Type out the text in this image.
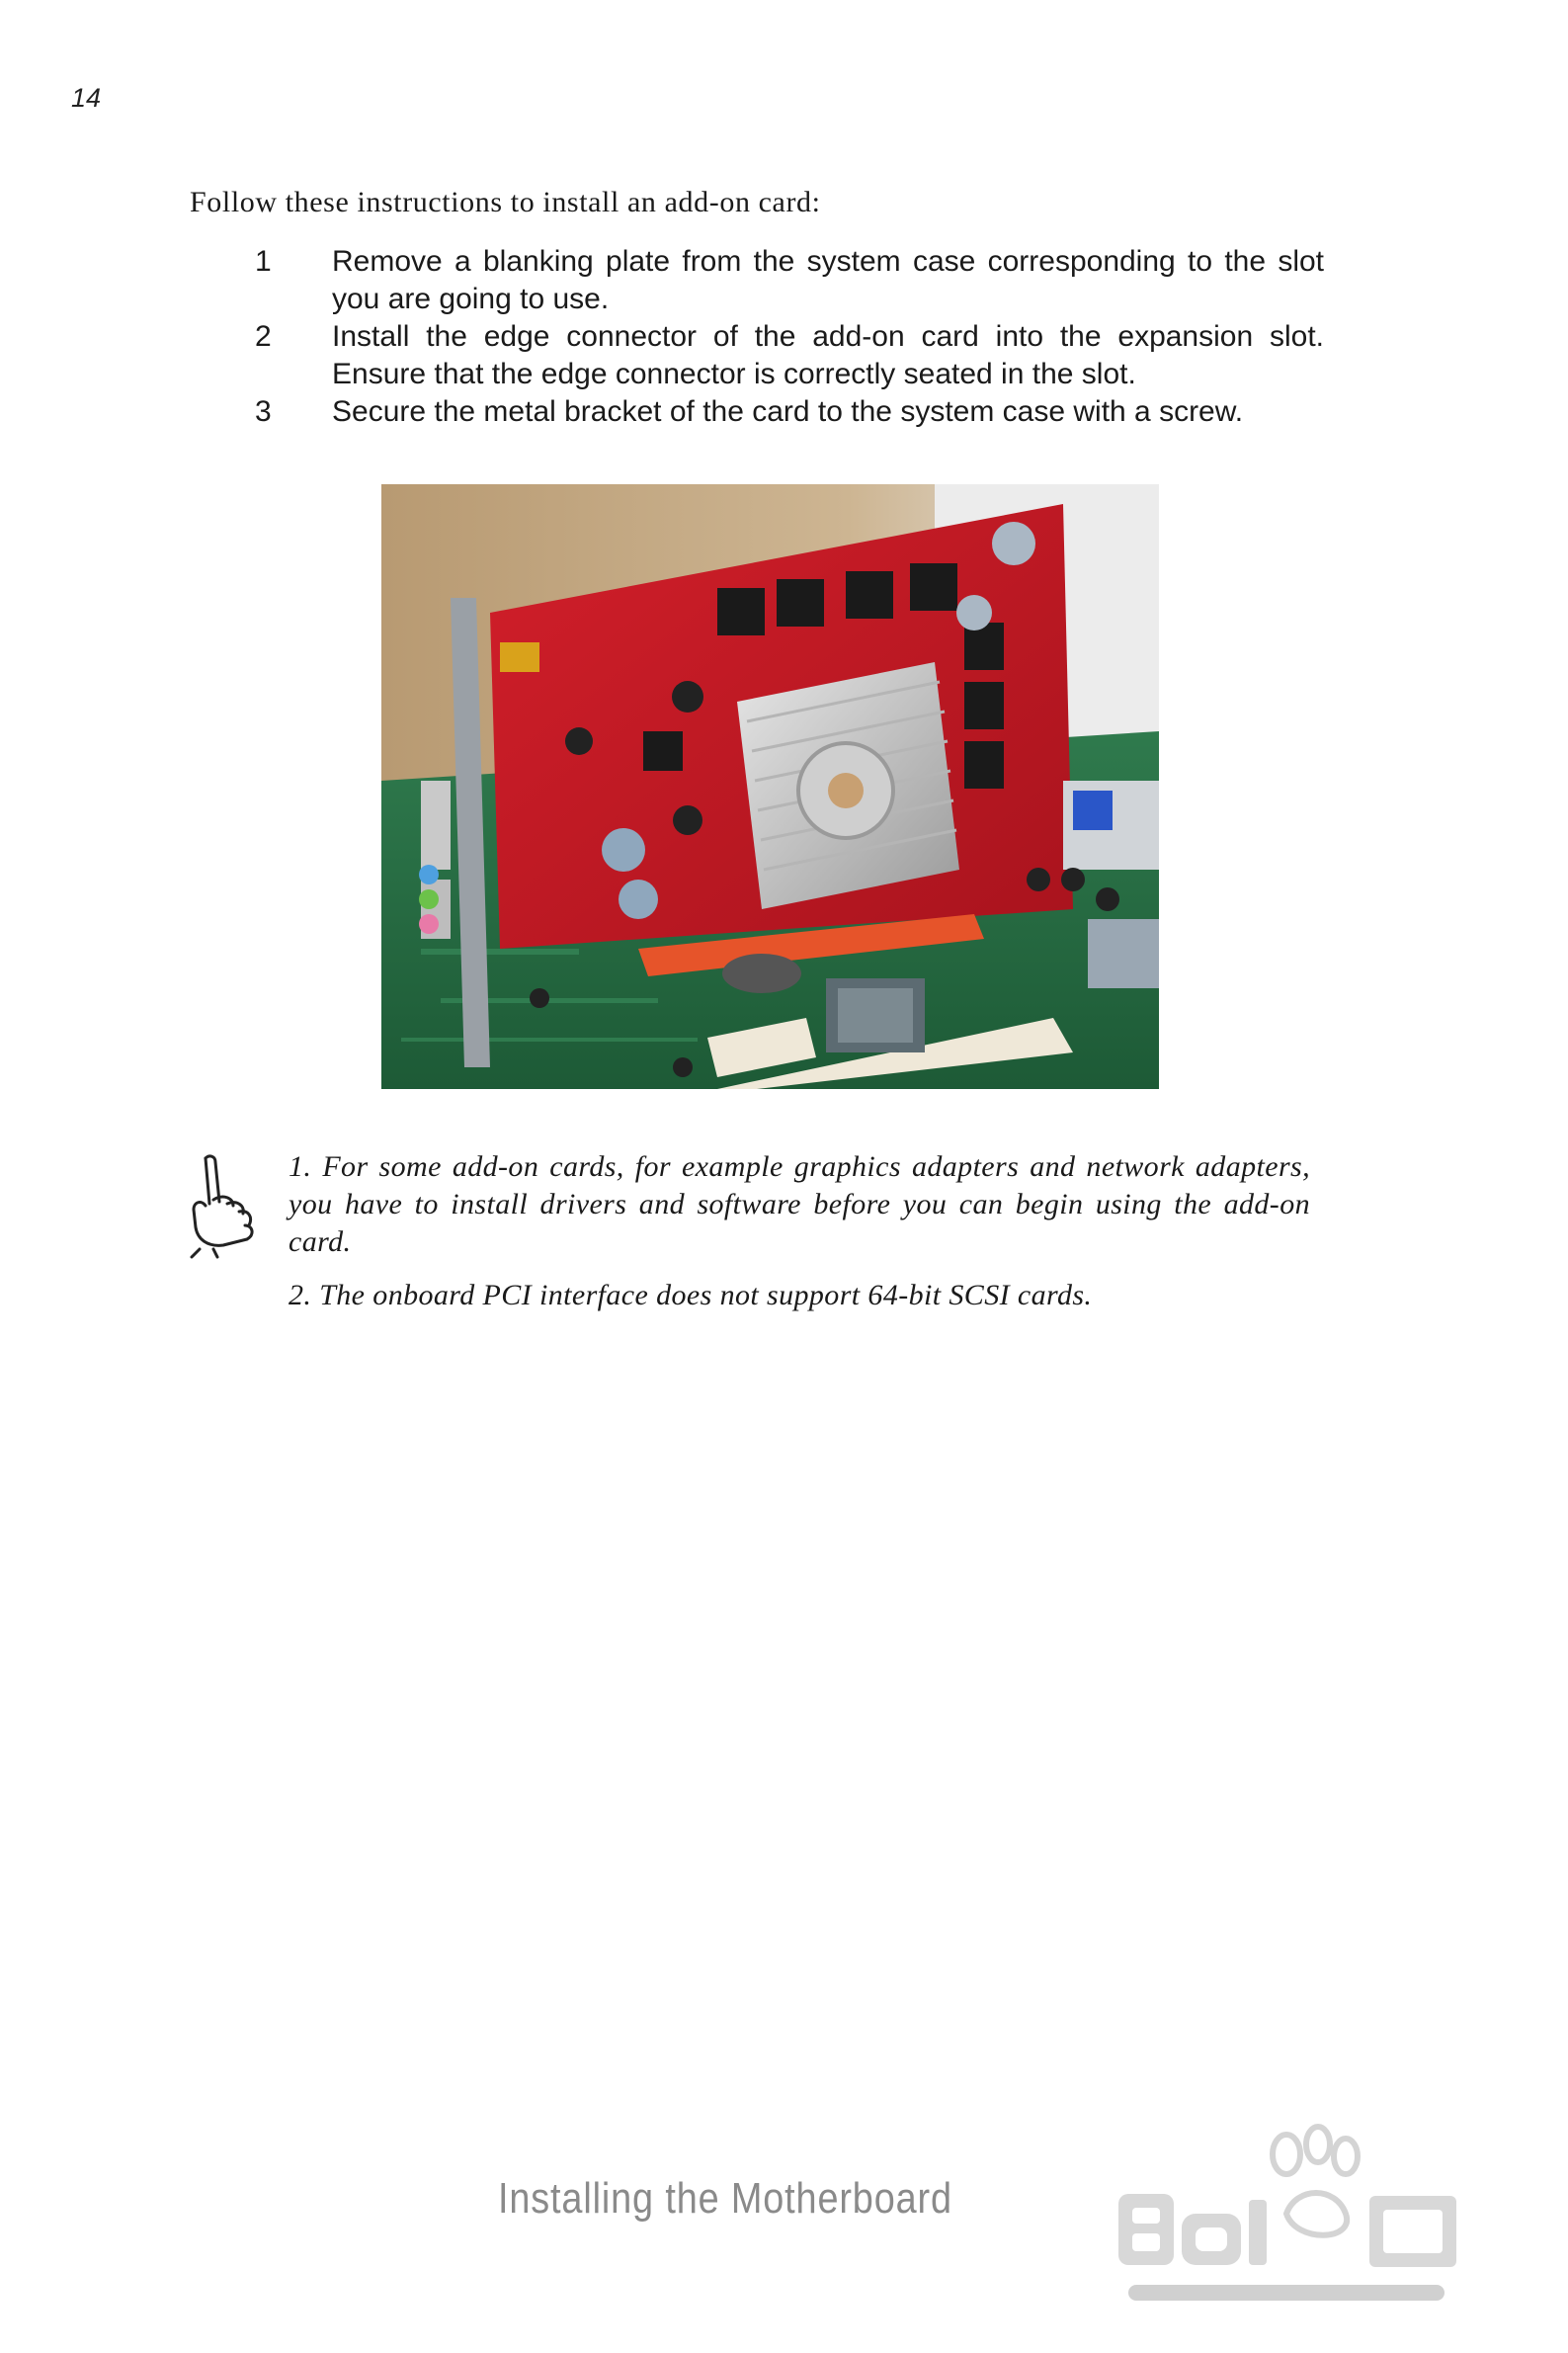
14
Follow these instructions to install an add-on card:
1 Remove a blanking plate from the system case corresponding to the slot you are going to use.
2 Install the edge connector of the add-on card into the expansion slot. Ensure that the edge connector is correctly seated in the slot.
3 Secure the metal bracket of the card to the system case with a screw.

1. For some add-on cards, for example graphics adapters and network adapters, you have to install drivers and software before you can begin using the add-on card.

2. The onboard PCI interface does not support 64-bit SCSI cards.

Installing the Motherboard
